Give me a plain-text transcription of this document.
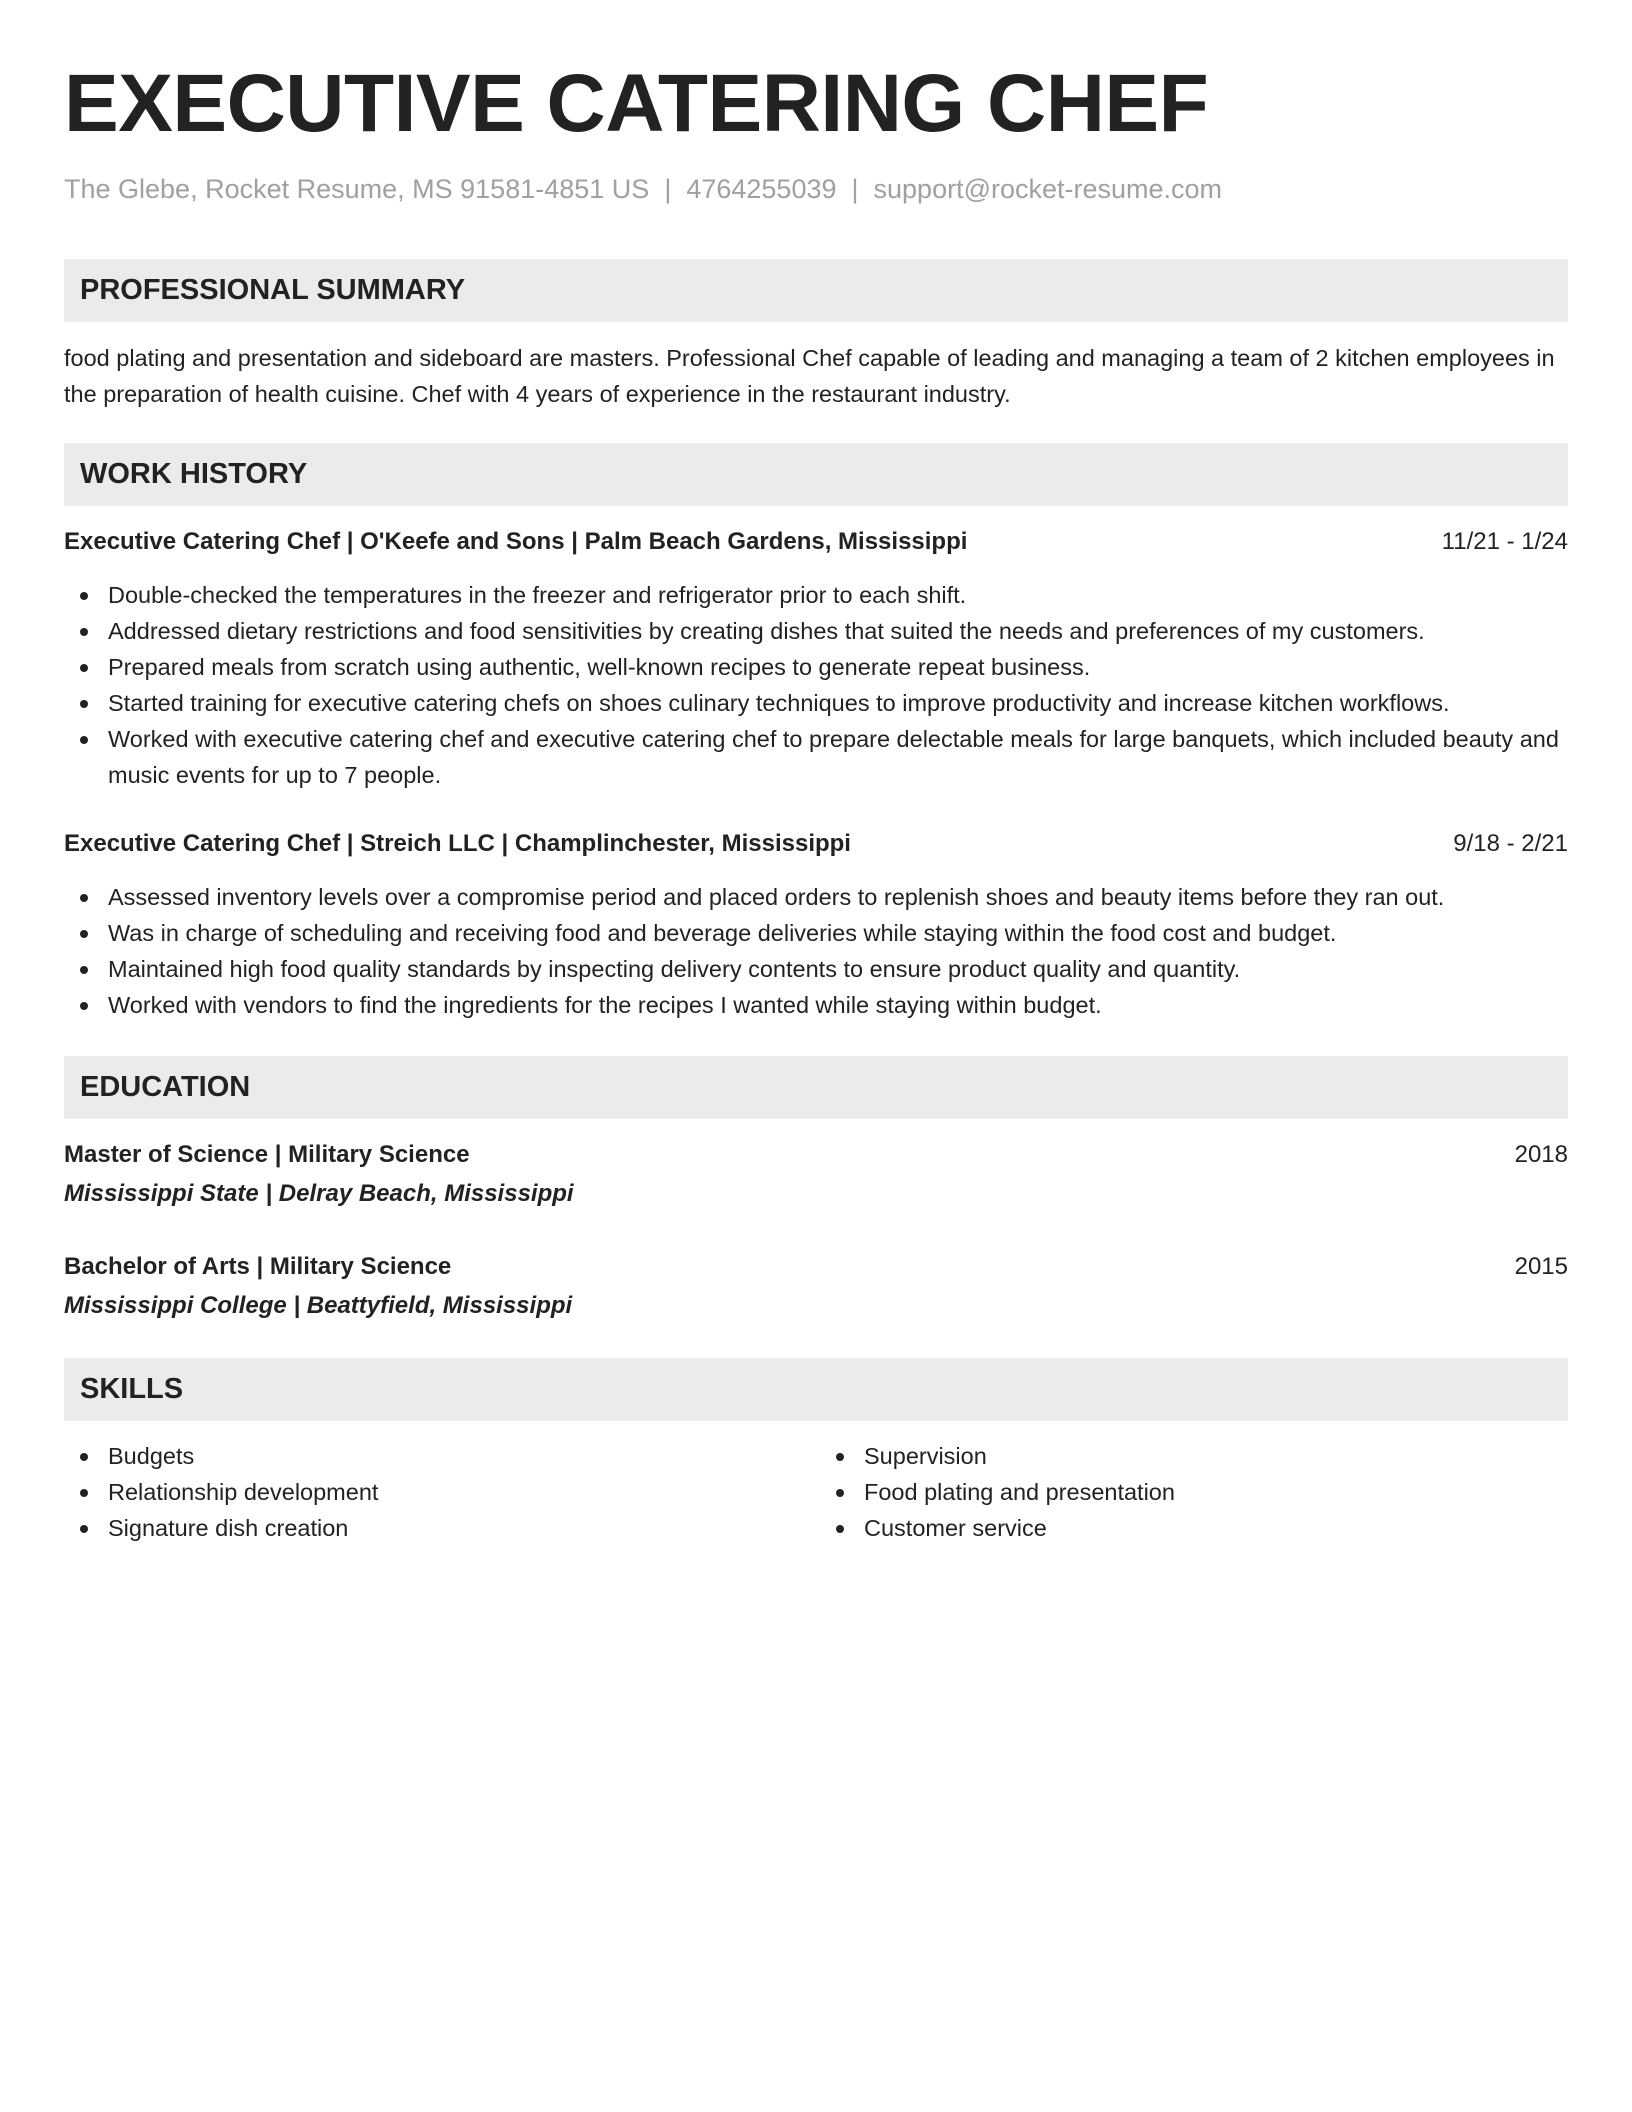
EXECUTIVE CATERING CHEF
The Glebe, Rocket Resume, MS 91581-4851 US | 4764255039 | support@rocket-resume.com
PROFESSIONAL SUMMARY

food plating and presentation and sideboard are masters. Professional Chef capable of leading and managing a team of 2 kitchen employees in the preparation of health cuisine. Chef with 4 years of experience in the restaurant industry.

WORK HISTORY
Executive Catering Chef | O'Keefe and Sons | Palm Beach Gardens, Mississippi	11/21 - 1/24
Double-checked the temperatures in the freezer and refrigerator prior to each shift.
Addressed dietary restrictions and food sensitivities by creating dishes that suited the needs and preferences of my customers.
Prepared meals from scratch using authentic, well-known recipes to generate repeat business.
Started training for executive catering chefs on shoes culinary techniques to improve productivity and increase kitchen workflows.
Worked with executive catering chef and executive catering chef to prepare delectable meals for large banquets, which included beauty and music events for up to 7 people.
Executive Catering Chef | Streich LLC | Champlinchester, Mississippi	9/18 - 2/21
Assessed inventory levels over a compromise period and placed orders to replenish shoes and beauty items before they ran out.
Was in charge of scheduling and receiving food and beverage deliveries while staying within the food cost and budget.
Maintained high food quality standards by inspecting delivery contents to ensure product quality and quantity.
Worked with vendors to find the ingredients for the recipes I wanted while staying within budget.
EDUCATION
Master of Science | Military Science	2018
Mississippi State | Delray Beach, Mississippi
Bachelor of Arts | Military Science	2015
Mississippi College | Beattyfield, Mississippi
SKILLS
Budgets
Relationship development
Signature dish creation
Supervision
Food plating and presentation
Customer service
